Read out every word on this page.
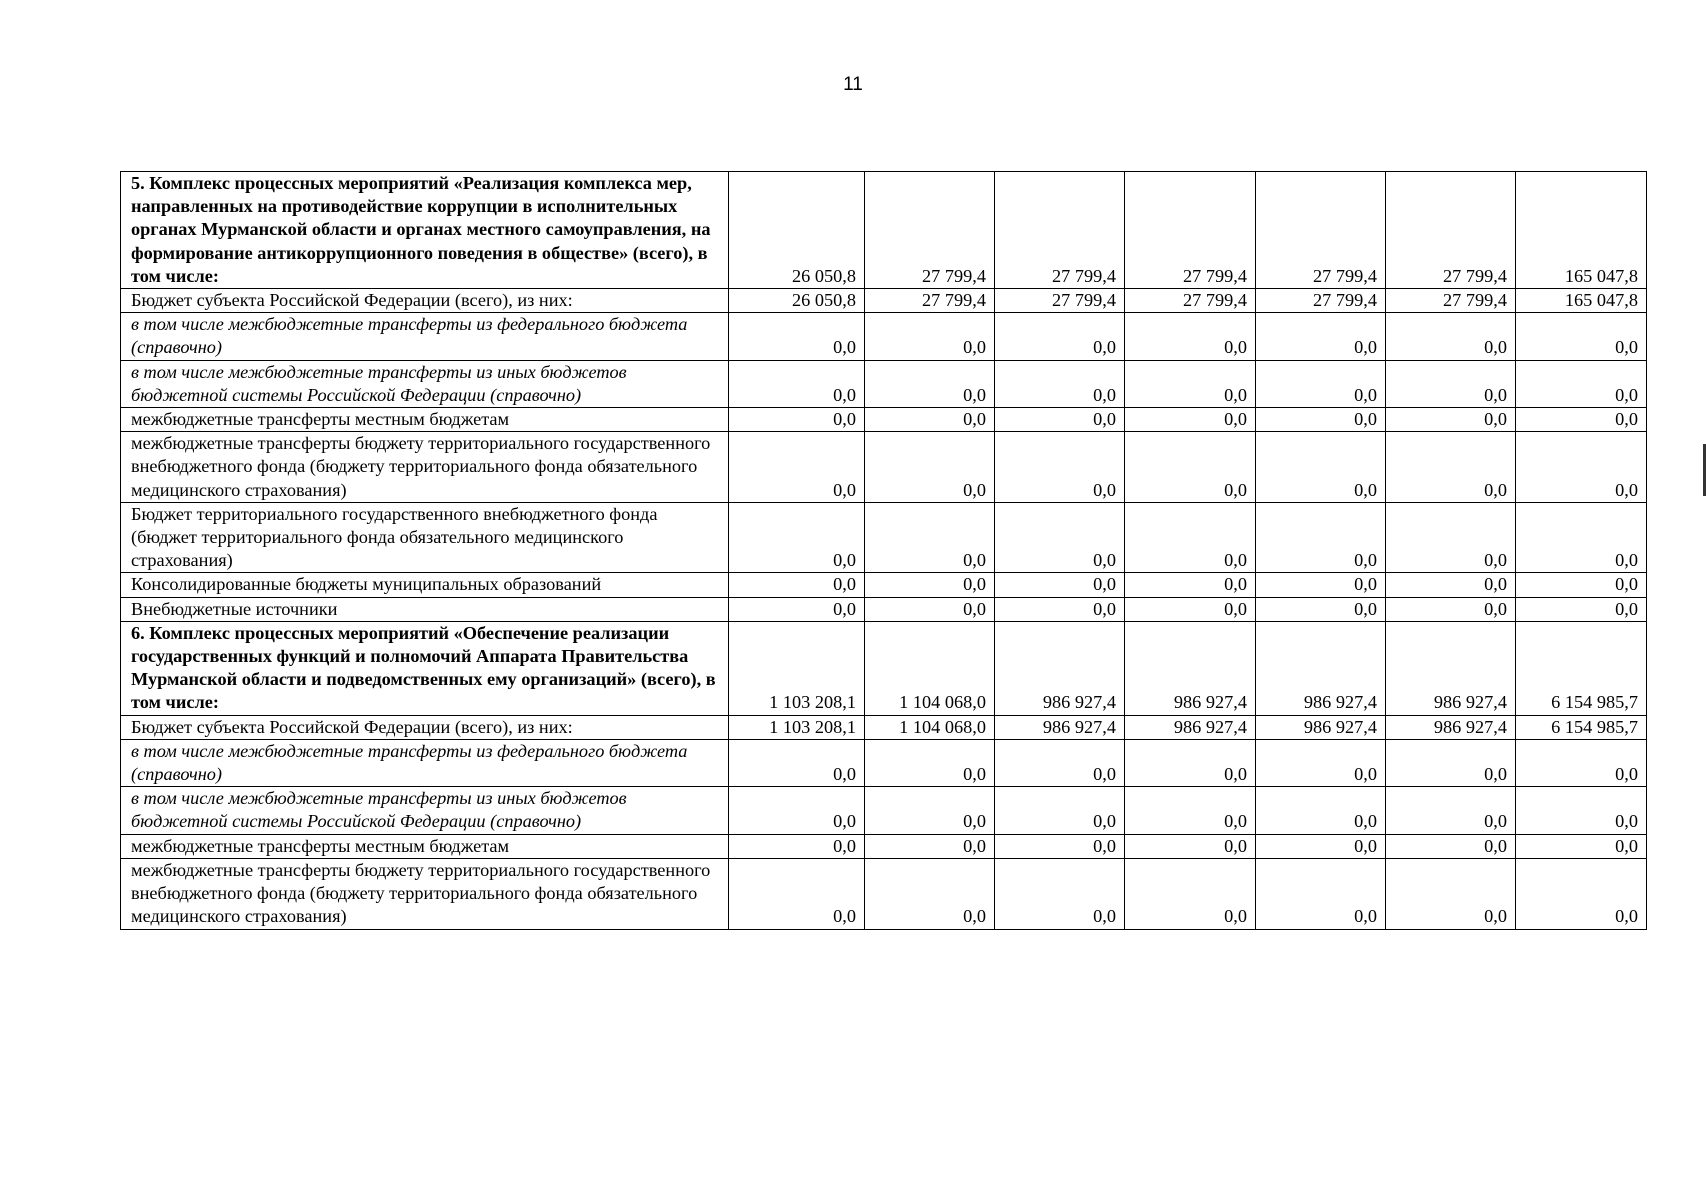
11
5. Комплекс процессных мероприятий «Реализация комплекса мер, направленных на противодействие коррупции в исполнительных органах Мурманской области и органах местного самоуправления, на формирование антикоррупционного поведения в обществе» (всего), в том числе:	26 050,8	27 799,4	27 799,4	27 799,4	27 799,4	27 799,4	165 047,8
Бюджет субъекта Российской Федерации (всего), из них:	26 050,8	27 799,4	27 799,4	27 799,4	27 799,4	27 799,4	165 047,8
в том числе межбюджетные трансферты из федерального бюджета (справочно)	0,0	0,0	0,0	0,0	0,0	0,0	0,0
в том числе межбюджетные трансферты из иных бюджетов бюджетной системы Российской Федерации (справочно)	0,0	0,0	0,0	0,0	0,0	0,0	0,0
межбюджетные трансферты местным бюджетам	0,0	0,0	0,0	0,0	0,0	0,0	0,0
межбюджетные трансферты бюджету территориального государственного внебюджетного фонда (бюджету территориального фонда обязательного медицинского страхования)	0,0	0,0	0,0	0,0	0,0	0,0	0,0
Бюджет территориального государственного внебюджетного фонда (бюджет территориального фонда обязательного медицинского страхования)	0,0	0,0	0,0	0,0	0,0	0,0	0,0
Консолидированные бюджеты муниципальных образований	0,0	0,0	0,0	0,0	0,0	0,0	0,0
Внебюджетные источники	0,0	0,0	0,0	0,0	0,0	0,0	0,0
6. Комплекс процессных мероприятий «Обеспечение реализации государственных функций и полномочий Аппарата Правительства Мурманской области и подведомственных ему организаций» (всего), в том числе:	1 103 208,1	1 104 068,0	986 927,4	986 927,4	986 927,4	986 927,4	6 154 985,7
Бюджет субъекта Российской Федерации (всего), из них:	1 103 208,1	1 104 068,0	986 927,4	986 927,4	986 927,4	986 927,4	6 154 985,7
в том числе межбюджетные трансферты из федерального бюджета (справочно)	0,0	0,0	0,0	0,0	0,0	0,0	0,0
в том числе межбюджетные трансферты из иных бюджетов бюджетной системы Российской Федерации (справочно)	0,0	0,0	0,0	0,0	0,0	0,0	0,0
межбюджетные трансферты местным бюджетам	0,0	0,0	0,0	0,0	0,0	0,0	0,0
межбюджетные трансферты бюджету территориального государственного внебюджетного фонда (бюджету территориального фонда обязательного медицинского страхования)	0,0	0,0	0,0	0,0	0,0	0,0	0,0
